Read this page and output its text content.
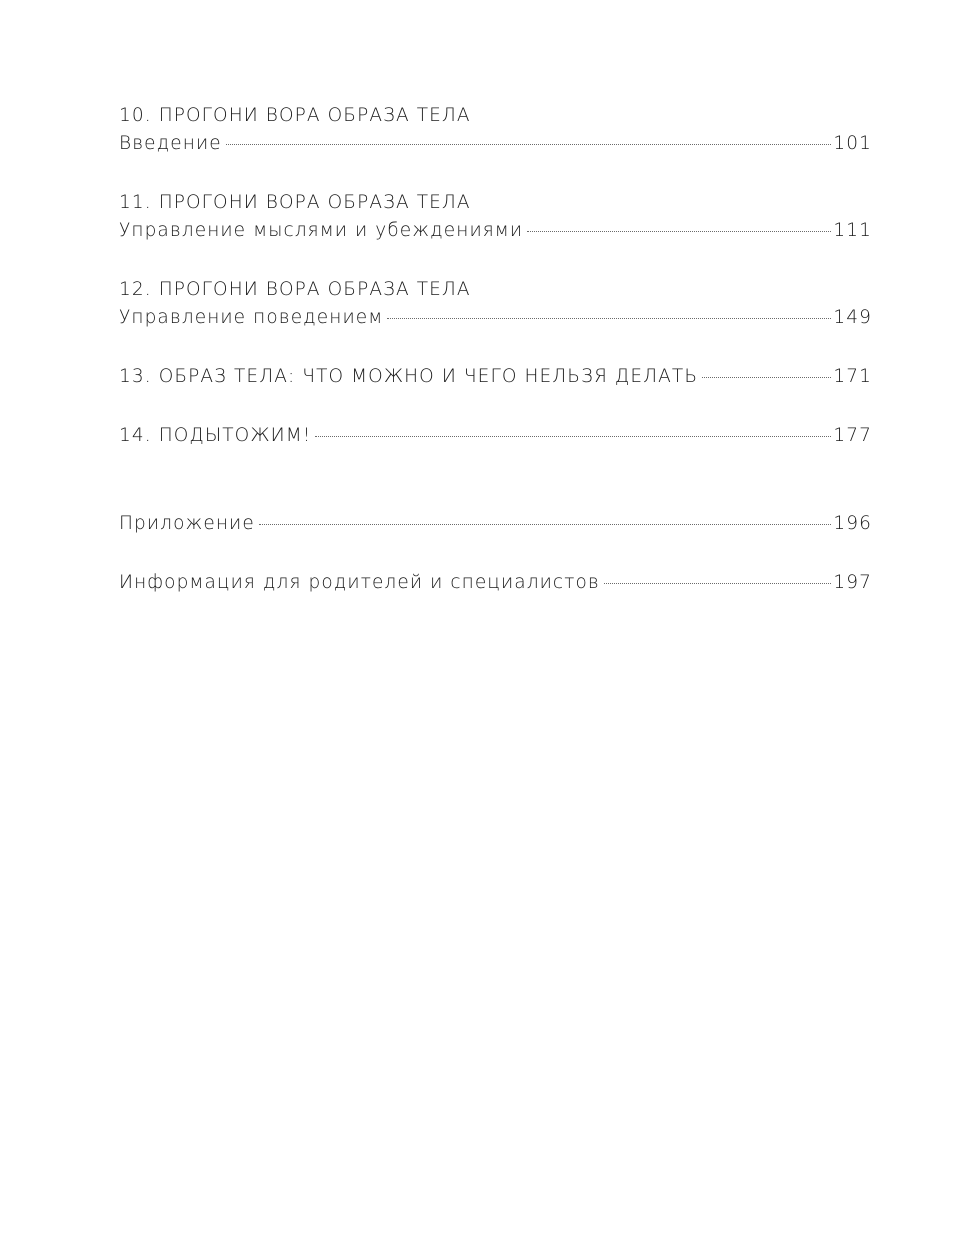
10. ПРОГОНИ ВОРА ОБРАЗА ТЕЛА
Введение	101
11. ПРОГОНИ ВОРА ОБРАЗА ТЕЛА
Управление мыслями и убеждениями	111
12. ПРОГОНИ ВОРА ОБРАЗА ТЕЛА
Управление поведением	149
13. ОБРАЗ ТЕЛА: ЧТО МОЖНО И ЧЕГО НЕЛЬЗЯ ДЕЛАТЬ	171
14. ПОДЫТОЖИМ!	177
Приложение	196
Информация для родителей и специалистов	197
